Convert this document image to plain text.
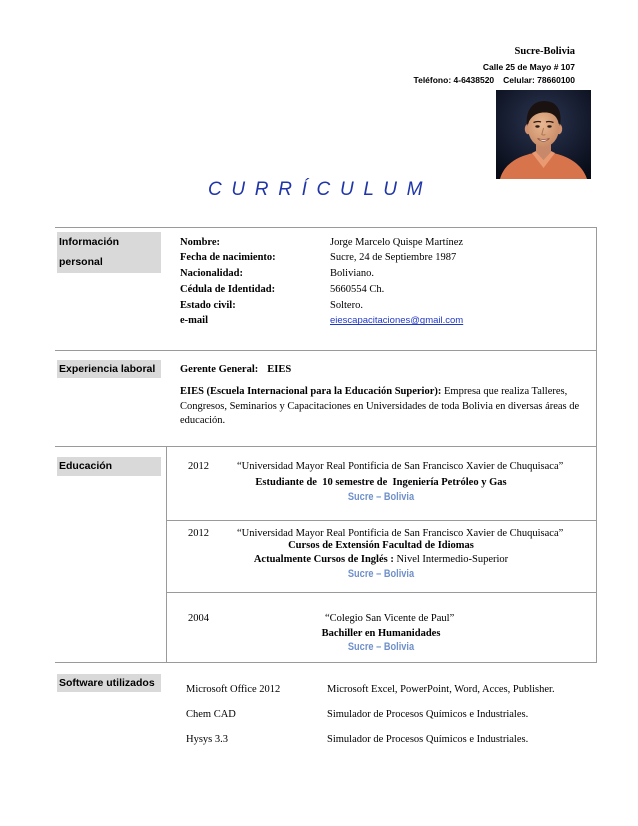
Sucre-Bolivia
Calle 25 de Mayo # 107
Teléfono: 4-6438520 Celular: 78660100
C U R R Í C U L U M
Información personal
Nombre:	Jorge Marcelo Quispe Martínez
Fecha de nacimiento:	Sucre, 24 de Septiembre 1987
Nacionalidad:	Boliviano.
Cédula de Identidad:	5660554 Ch.
Estado civil:	Soltero.
e-mail	eiescapacitaciones@gmail.com
Experiencia laboral	Gerente General: EIES
EIES (Escuela Internacional para la Educación Superior): Empresa que realiza Talleres, Congresos, Seminarios y Capacitaciones en Universidades de toda Bolivia en diversas áreas de educación.
Educación	2012	“Universidad Mayor Real Pontificia de San Francisco Xavier de Chuquisaca”
Estudiante de  10 semestre de  Ingeniería Petróleo y Gas
Sucre – Bolivia
2012	“Universidad Mayor Real Pontificia de San Francisco Xavier de Chuquisaca”
Cursos de Extensión Facultad de Idiomas
Actualmente Cursos de Inglés : Nivel Intermedio-Superior
Sucre – Bolivia
2004	“Colegio San Vicente de Paul”
Bachiller en Humanidades
Sucre – Bolivia
Software utilizados
Microsoft Office 2012	Microsoft Excel, PowerPoint, Word, Acces, Publisher.
Chem CAD	Simulador de Procesos Químicos e Industriales.
Hysys 3.3	Simulador de Procesos Químicos e Industriales.
